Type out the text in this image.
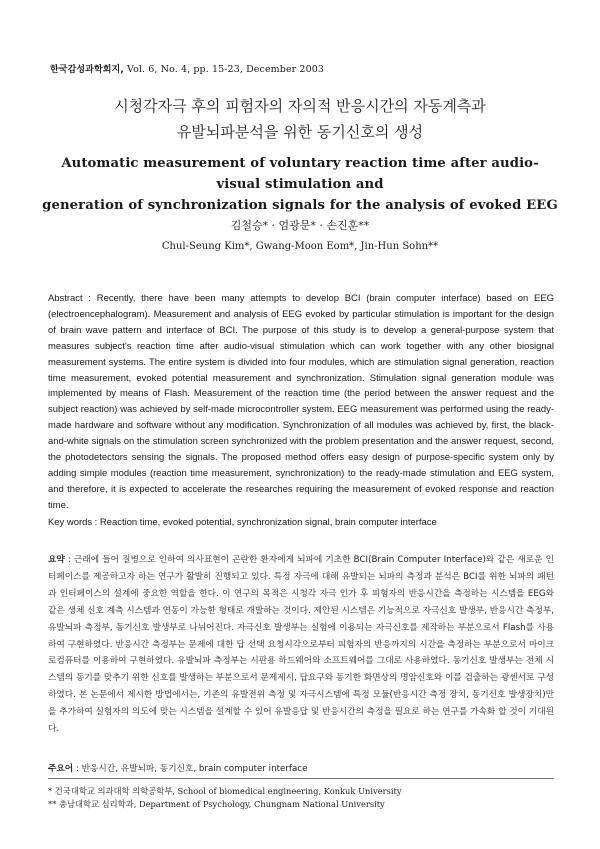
한국감성과학회지, Vol. 6, No. 4, pp. 15-23, December 2003
시청각자극 후의 피험자의 자의적 반응시간의 자동계측과
유발뇌파분석을 위한 동기신호의 생성
Automatic measurement of voluntary reaction time after audio-visual stimulation and
generation of synchronization signals for the analysis of evoked EEG
김철승* · 엄광문* · 손진훈**
Chul-Seung Kim*, Gwang-Moon Eom*, Jin-Hun Sohn**
Abstract : Recently, there have been many attempts to develop BCI (brain computer interface) based on EEG (electroencephalogram). Measurement and analysis of EEG evoked by particular stimulation is important for the design of brain wave pattern and interface of BCI. The purpose of this study is to develop a general-purpose system that measures subject's reaction time after audio-visual stimulation which can work together with any other biosignal measurement systems. The entire system is divided into four modules, which are stimulation signal generation, reaction time measurement, evoked potential measurement and synchronization. Stimulation signal generation module was implemented by means of Flash. Measurement of the reaction time (the period between the answer request and the subject reaction) was achieved by self-made microcontroller system. EEG measurement was performed using the ready-made hardware and software without any modification. Synchronization of all modules was achieved by, first, the black-and-white signals on the stimulation screen synchronized with the problem presentation and the answer request, second, the photodetectors sensing the signals. The proposed method offers easy design of purpose-specific system only by adding simple modules (reaction time measurement, synchronization) to the ready-made stimulation and EEG system, and therefore, it is expected to accelerate the researches requiring the measurement of evoked response and reaction time.
Key words : Reaction time, evoked potential, synchronization signal, brain computer interface
요약 : 근래에 들어 질병으로 인하여 의사표현이 곤란한 환자에게 뇌파에 기초한 BCI(Brain Computer Interface)와 같은 새로운 인터페이스를 제공하고자 하는 연구가 활발히 진행되고 있다. 특정 자극에 대해 유발되는 뇌파의 측정과 분석은 BCI를 위한 뇌파의 패턴과 인터페이스의 설계에 중요한 역할을 한다. 이 연구의 목적은 시청각 자극 인가 후 피험자의 반응시간을 측정하는 시스템을 EEG와 같은 생체 신호 계측 시스템과 연동이 가능한 형태로 개발하는 것이다. 제안된 시스템은 기능적으로 자극신호 발생부, 반응시간 측정부, 유발뇌파 측정부, 동기신호 발생부로 나뉘어진다. 자극신호 발생부는 실험에 이용되는 자극신호를 제작하는 부분으로서 Flash를 사용하여 구현하였다. 반응시간 측정부는 문제에 대한 답 선택 요청시각으로부터 피험자의 반응까지의 시간을 측정하는 부분으로서 마이크로컴퓨터를 이용하여 구현하였다. 유발뇌파 측정부는 시판용 하드웨어와 소프트웨어를 그대로 사용하였다. 동기신호 발생부는 전체 시스템의 동기를 맞추기 위한 신호를 발생하는 부분으로서 문제제시, 답요구와 동기한 화면상의 명암신호와 이를 검출하는 광센서로 구성하였다. 본 논문에서 제시한 방법에서는, 기존의 유발전위 측정 및 자극시스템에 특정 모듈(반응시간 측정 장치, 동기신호 발생장치)만을 추가하여 실험자의 의도에 맞는 시스템을 설계할 수 있어 유발응답 및 반응시간의 측정을 필요로 하는 연구를 가속화 할 것이 기대된다.
주요어 : 반응시간, 유발뇌파, 동기신호, brain computer interface
* 건국대학교 의과대학 의학공학부, School of biomedical engineering, Konkuk University
** 충남대학교 심리학과, Department of Psychology, Chungnam National University
